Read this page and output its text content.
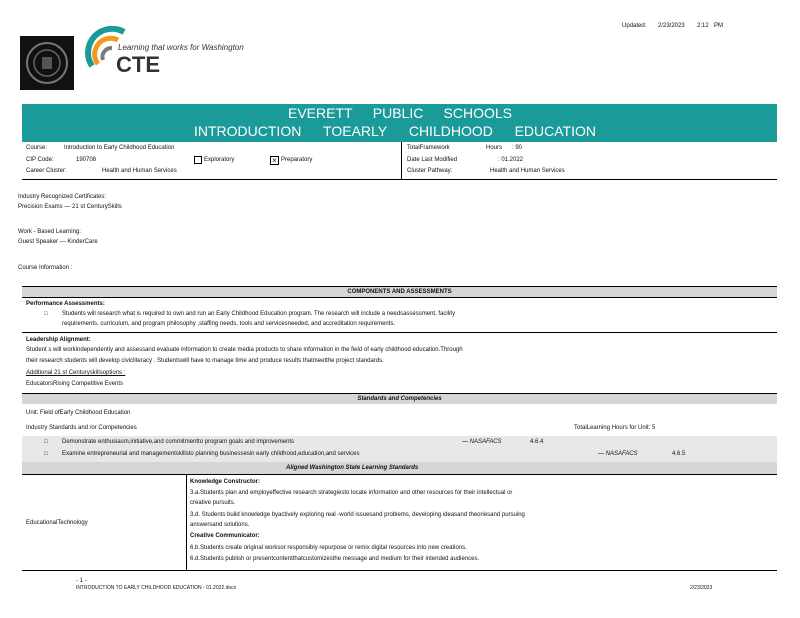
Updated: 2/23/2023 2:12 PM
Learning that works for Washington
CTE
EVERETT PUBLIC SCHOOLS
INTRODUCTION TOEARLY CHILDHOOD EDUCATION
Course:	Introduction to Early Childhood Education
CIP Code:	190708	Exploratory	× Preparatory
Career Cluster:	Health and Human Services
TotalFramework	Hours : 90
Date Last Modified	: 01.2022
Cluster Pathway:	Health and Human Services
Industry Recognized Certificates:
Precision Exams — 21 st CenturySkills
Work - Based Learning:
Guest Speaker — KinderCare
Course Information :
COMPONENTS AND ASSESSMENTS
Performance Assessments:
□ Students will research what is required to own and run an Early Childhood Education program. The research will include a needsassessment, facility
requirements, curriculum, and program philosophy ,staffing needs, tools and servicesneeded, and accreditation requirements.
Leadership Alignment:
Student s will workindependently and assessand evaluate information to create media products to share information in the field of early childhood education.Through
their research students will develop civicliteracy . Studentswill have to manage time and produce results thatmeetthe project standards.
Additional 21 st Centuryskillsoptions :
EducatorsRising Competitive Events
Standards and Competencies
Unit: Field ofEarly Childhood Education
Industry Standards and /or Competencies	TotalLearning Hours for Unit: 5
□ Demonstrate enthusiasm,initiative,and commitmentto program goals and improvements	— NASAFACS	4.6.4
□ Examine entrepreneurial and managementskillsto planning businessesin early childhood,education,and services	— NASAFACS	4.6.5
Aligned Washington State Learning Standards
EducationalTechnology
Knowledge Constructor:
3.a.Students plan and employeffective research strategiesto locate information and other resources for their intellectual or
creative pursuits.
3.d. Students build knowledge byactively exploring real -world issuesand problems, developing ideasand theoriesand pursuing
answersand solutions.
Creative Communicator:
6.b.Students create original worksor responsibly repurpose or remix digital resources into new creations.
6.d.Students publish or presentcontentthatcustomizesthe message and medium for their intended audiences.
- 1 -
INTRODUCTION TO EARLY CHILDHOOD EDUCATION - 01.2022.docx	2/23/2023
